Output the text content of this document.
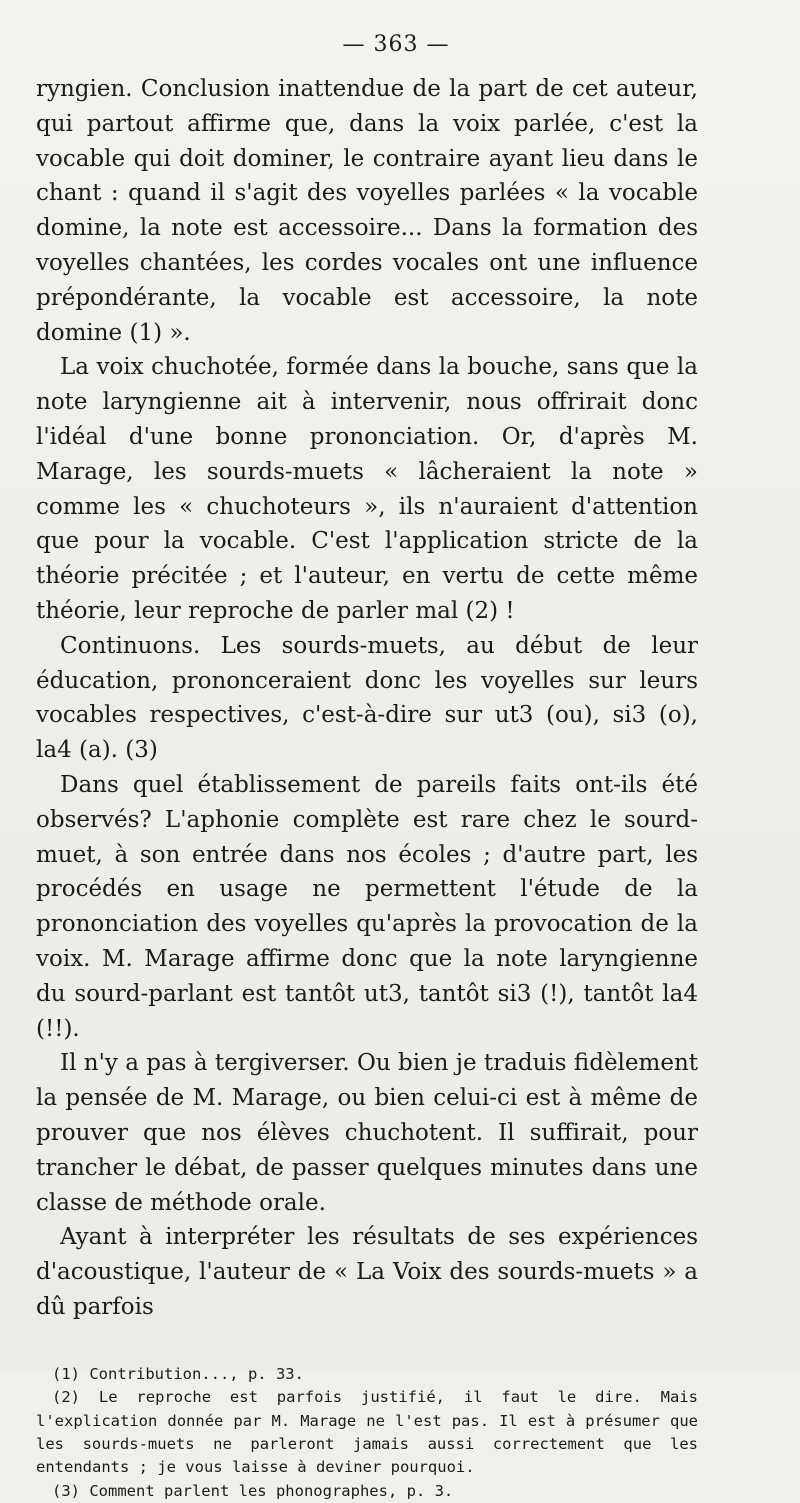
— 363 —

ryngien. Conclusion inattendue de la part de cet auteur, qui partout affirme que, dans la voix parlée, c'est la vocable qui doit dominer, le contraire ayant lieu dans le chant : quand il s'agit des voyelles parlées « la vocable domine, la note est accessoire... Dans la formation des voyelles chantées, les cordes vocales ont une influence prépondérante, la vocable est accessoire, la note domine (1) ».

La voix chuchotée, formée dans la bouche, sans que la note laryngienne ait à intervenir, nous offrirait donc l'idéal d'une bonne prononciation. Or, d'après M. Marage, les sourds-muets « lâcheraient la note » comme les « chuchoteurs », ils n'auraient d'attention que pour la vocable. C'est l'application stricte de la théorie précitée ; et l'auteur, en vertu de cette même théorie, leur reproche de parler mal (2) !

Continuons. Les sourds-muets, au début de leur éducation, prononceraient donc les voyelles sur leurs vocables respectives, c'est-à-dire sur ut3 (ou), si3 (o), la4 (a). (3)

Dans quel établissement de pareils faits ont-ils été observés? L'aphonie complète est rare chez le sourd-muet, à son entrée dans nos écoles ; d'autre part, les procédés en usage ne permettent l'étude de la prononciation des voyelles qu'après la provocation de la voix. M. Marage affirme donc que la note laryngienne du sourd-parlant est tantôt ut3, tantôt si3 (!), tantôt la4 (!!).

Il n'y a pas à tergiverser. Ou bien je traduis fidèlement la pensée de M. Marage, ou bien celui-ci est à même de prouver que nos élèves chuchotent. Il suffirait, pour trancher le débat, de passer quelques minutes dans une classe de méthode orale.

Ayant à interpréter les résultats de ses expériences d'acoustique, l'auteur de « La Voix des sourds-muets » a dû parfois

(1) Contribution..., p. 33.

(2) Le reproche est parfois justifié, il faut le dire. Mais l'explication donnée par M. Marage ne l'est pas. Il est à présumer que les sourds-muets ne parleront jamais aussi correctement que les entendants ; je vous laisse à deviner pourquoi.

(3) Comment parlent les phonographes, p. 3.
